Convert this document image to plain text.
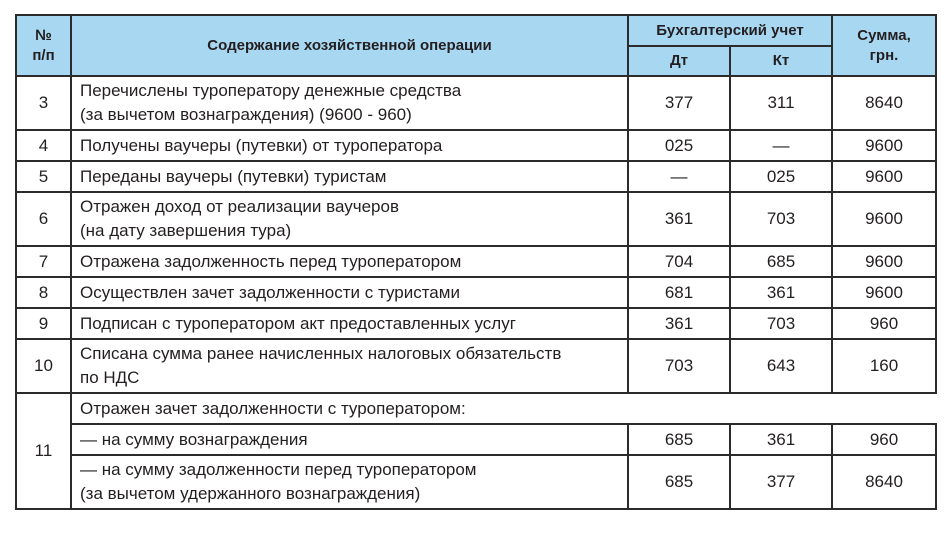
№
п/п	Содержание хозяйственной операции	Бухгалтерский учет		Сумма,
грн.
		Дт	Кт	
3	Перечислены туроператору денежные средства
(за вычетом вознаграждения) (9600 - 960)	377	311	8640
4	Получены ваучеры (путевки) от туроператора	025	—	9600
5	Переданы ваучеры (путевки) туристам	—	025	9600
6	Отражен доход от реализации ваучеров
(на дату завершения тура)	361	703	9600
7	Отражена задолженность перед туроператором	704	685	9600
8	Осуществлен зачет задолженности с туристами	681	361	9600
9	Подписан с туроператором акт предоставленных услуг	361	703	960
10	Списана сумма ранее начисленных налоговых обязательств
по НДС	703	643	160
11	Отражен зачет задолженности с туроператором:			
	— на сумму вознаграждения	685	361	960
	— на сумму задолженности перед туроператором
(за вычетом удержанного вознаграждения)	685	377	8640
